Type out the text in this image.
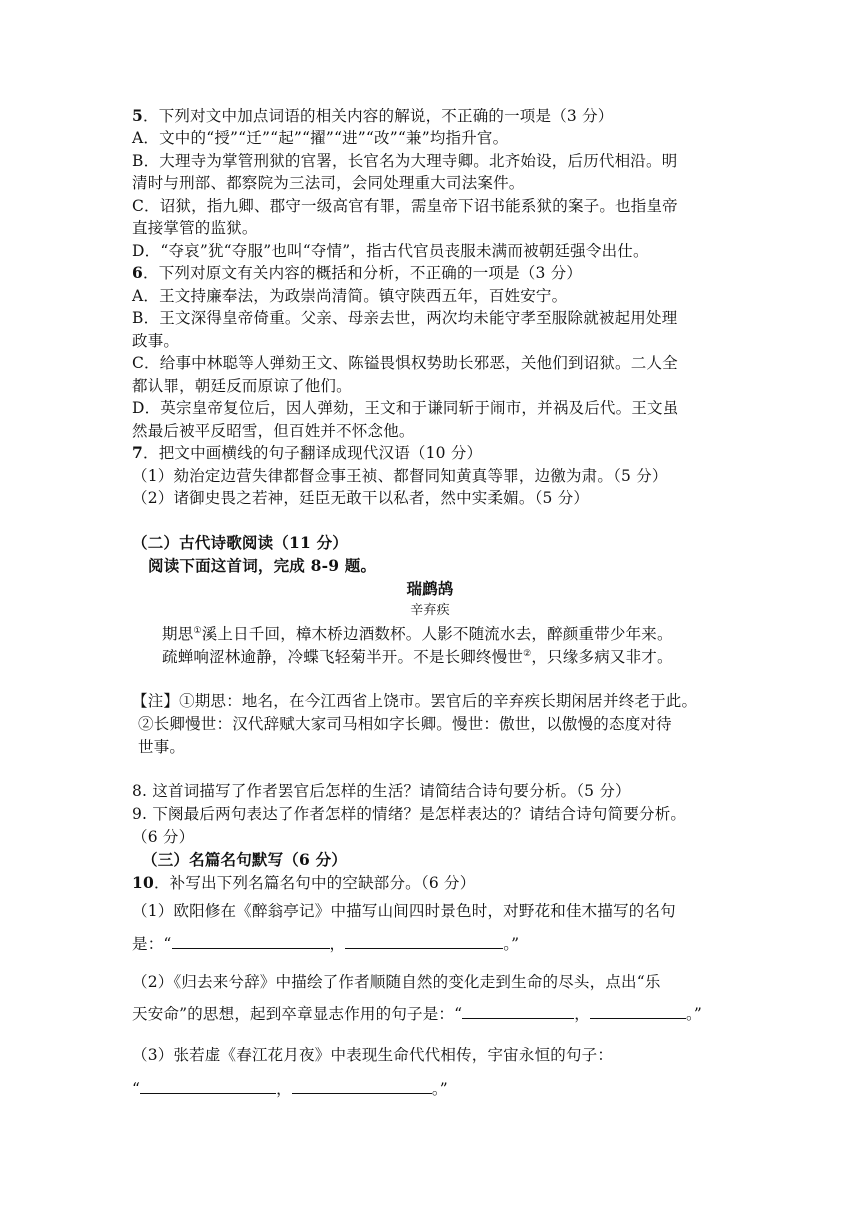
5．下列对文中加点词语的相关内容的解说，不正确的一项是（3 分）
A．文中的“授”“迁”“起”“擢”“进”“改”“兼”均指升官。
B．大理寺为掌管刑狱的官署，长官名为大理寺卿。北齐始设，后历代相沿。明
清时与刑部、都察院为三法司，会同处理重大司法案件。
C．诏狱，指九卿、郡守一级高官有罪，需皇帝下诏书能系狱的案子。也指皇帝
直接掌管的监狱。
D．“夺哀”犹“夺服”也叫“夺情”，指古代官员丧服未满而被朝廷强令出仕。
6．下列对原文有关内容的概括和分析，不正确的一项是（3 分）
A．王文持廉奉法，为政崇尚清简。镇守陕西五年，百姓安宁。
B．王文深得皇帝倚重。父亲、母亲去世，两次均未能守孝至服除就被起用处理
政事。
C．给事中林聪等人弹劾王文、陈镒畏惧权势助长邪恶，关他们到诏狱。二人全
都认罪，朝廷反而原谅了他们。
D．英宗皇帝复位后，因人弹劾，王文和于谦同斩于闹市，并祸及后代。王文虽
然最后被平反昭雪，但百姓并不怀念他。
7．把文中画横线的句子翻译成现代汉语（10 分）
（1）劾治定边营失律都督佥事王祯、都督同知黄真等罪，边徼为肃。（5 分）
（2）诸御史畏之若神，廷臣无敢干以私者，然中实柔媚。（5 分）
（二）古代诗歌阅读（11 分）
阅读下面这首词，完成 8-9 题。
瑞鹧鸪
辛弃疾
期思①溪上日千回，樟木桥边酒数杯。人影不随流水去，醉颜重带少年来。
疏蝉响涩林逾静，冷蝶飞轻菊半开。不是长卿终慢世②，只缘多病又非才。
【注】①期思：地名，在今江西省上饶市。罢官后的辛弃疾长期闲居并终老于此。
②长卿慢世：汉代辞赋大家司马相如字长卿。慢世：傲世，以傲慢的态度对待
世事。
8. 这首词描写了作者罢官后怎样的生活？请简结合诗句要分析。（5 分）
9. 下阕最后两句表达了作者怎样的情绪？是怎样表达的？请结合诗句简要分析。
（6 分）
（三）名篇名句默写（6 分）
10．补写出下列名篇名句中的空缺部分。（6 分）
（1）欧阳修在《醉翁亭记》中描写山间四时景色时，对野花和佳木描写的名句
是：“	，	。”
（2）《归去来兮辞》中描绘了作者顺随自然的变化走到生命的尽头，点出“乐
天安命”的思想，起到卒章显志作用的句子是：“	，	。”
（3）张若虚《春江花月夜》中表现生命代代相传，宇宙永恒的句子：
“	，	。”
